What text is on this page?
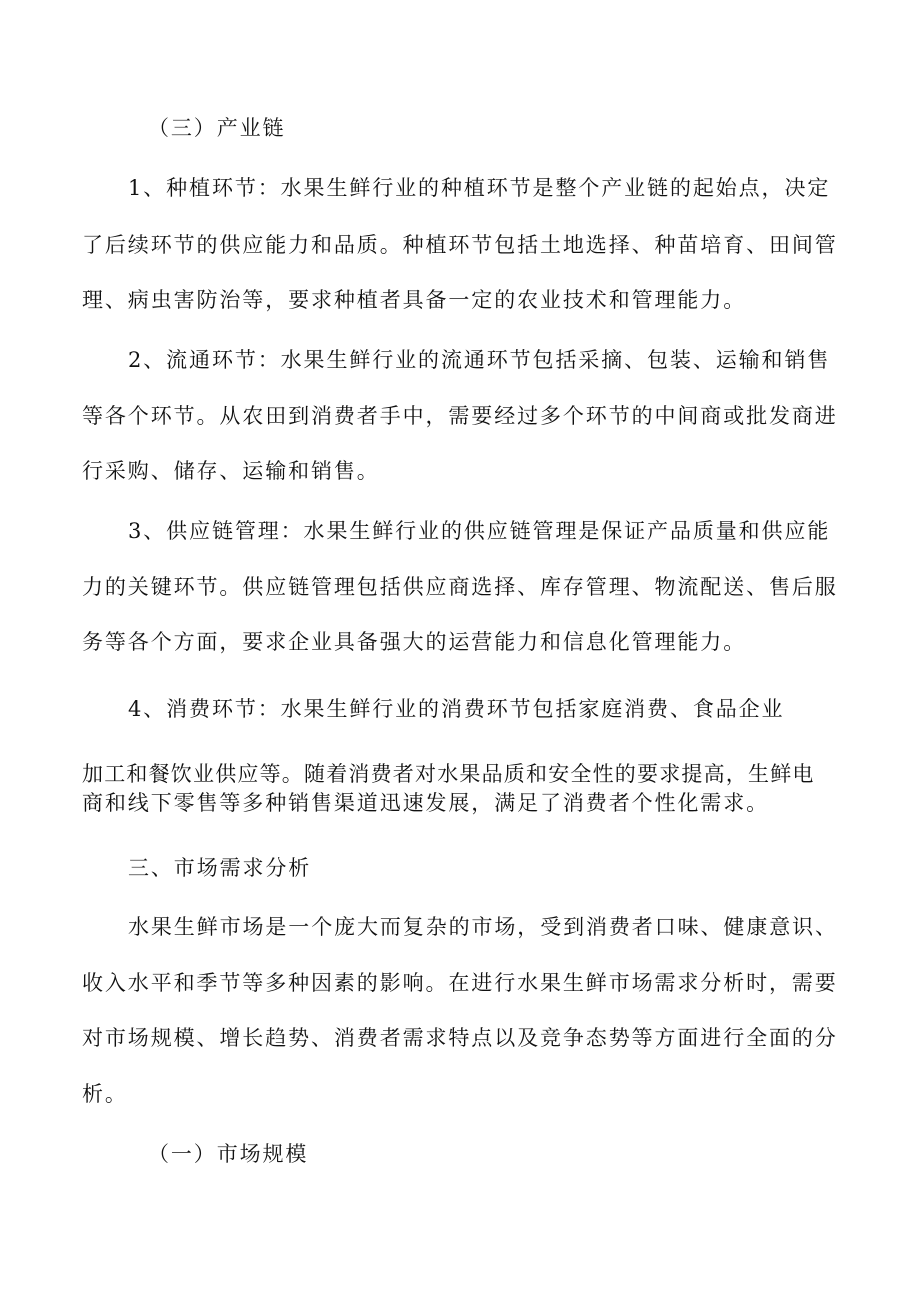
（三）产业链
1、种植环节：水果生鲜行业的种植环节是整个产业链的起始点，决定
了后续环节的供应能力和品质。种植环节包括土地选择、种苗培育、田间管
理、病虫害防治等，要求种植者具备一定的农业技术和管理能力。
2、流通环节：水果生鲜行业的流通环节包括采摘、包装、运输和销售
等各个环节。从农田到消费者手中，需要经过多个环节的中间商或批发商进
行采购、储存、运输和销售。
3、供应链管理：水果生鲜行业的供应链管理是保证产品质量和供应能
力的关键环节。供应链管理包括供应商选择、库存管理、物流配送、售后服
务等各个方面，要求企业具备强大的运营能力和信息化管理能力。
4、消费环节：水果生鲜行业的消费环节包括家庭消费、食品企业
加工和餐饮业供应等。随着消费者对水果品质和安全性的要求提高，生鲜电
商和线下零售等多种销售渠道迅速发展，满足了消费者个性化需求。
三、市场需求分析
水果生鲜市场是一个庞大而复杂的市场，受到消费者口味、健康意识、
收入水平和季节等多种因素的影响。在进行水果生鲜市场需求分析时，需要
对市场规模、增长趋势、消费者需求特点以及竞争态势等方面进行全面的分
析。
（一）市场规模
